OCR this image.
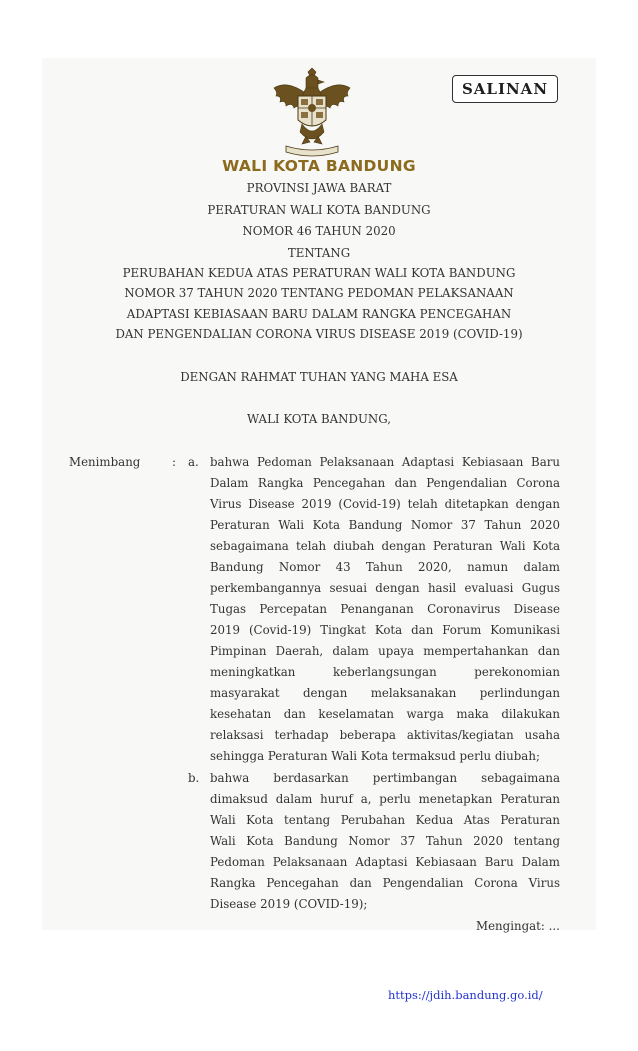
SALINAN
WALI KOTA BANDUNG
PROVINSI JAWA BARAT
PERATURAN WALI KOTA BANDUNG
NOMOR 46 TAHUN 2020
TENTANG
PERUBAHAN KEDUA ATAS PERATURAN WALI KOTA BANDUNG
NOMOR 37 TAHUN 2020 TENTANG PEDOMAN PELAKSANAAN
ADAPTASI KEBIASAAN BARU DALAM RANGKA PENCEGAHAN
DAN PENGENDALIAN CORONA VIRUS DISEASE 2019 (COVID-19)
DENGAN RAHMAT TUHAN YANG MAHA ESA
WALI KOTA BANDUNG,
Menimbang	: a.
b.
bahwa Pedoman Pelaksanaan Adaptasi Kebiasaan Baru
Dalam Rangka Pencegahan dan Pengendalian Corona
Virus Disease 2019 (Covid-19) telah ditetapkan dengan
Peraturan Wali Kota Bandung Nomor 37 Tahun 2020
sebagaimana telah diubah dengan Peraturan Wali Kota
Bandung Nomor 43 Tahun 2020, namun dalam
perkembangannya sesuai dengan hasil evaluasi Gugus
Tugas Percepatan Penanganan Coronavirus Disease
2019 (Covid-19) Tingkat Kota dan Forum Komunikasi
Pimpinan Daerah, dalam upaya mempertahankan dan
meningkatkan keberlangsungan perekonomian
masyarakat dengan melaksanakan perlindungan
kesehatan dan keselamatan warga maka dilakukan
relaksasi terhadap beberapa aktivitas/kegiatan usaha
sehingga Peraturan Wali Kota termaksud perlu diubah;
bahwa berdasarkan pertimbangan sebagaimana
dimaksud dalam huruf a, perlu menetapkan Peraturan
Wali Kota tentang Perubahan Kedua Atas Peraturan
Wali Kota Bandung Nomor 37 Tahun 2020 tentang
Pedoman Pelaksanaan Adaptasi Kebiasaan Baru Dalam
Rangka Pencegahan dan Pengendalian Corona Virus
Disease 2019 (COVID-19);
Mengingat: ...
https://jdih.bandung.go.id/
